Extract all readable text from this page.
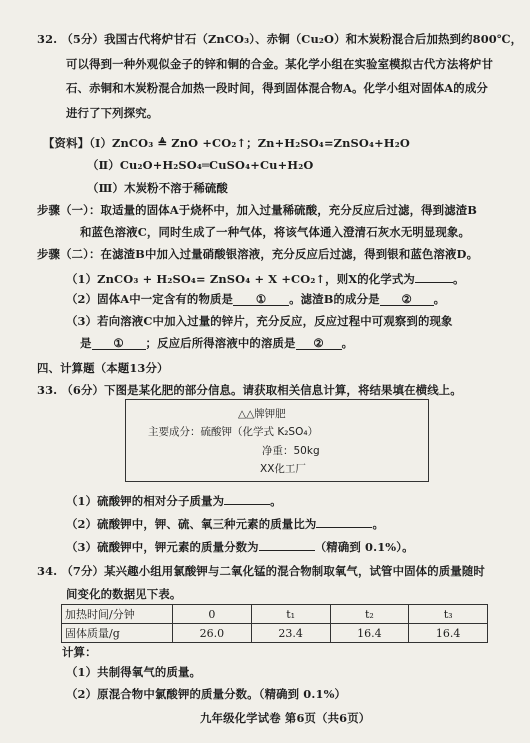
32. （5分）我国古代将炉甘石（ZnCO₃）、赤铜（Cu₂O）和木炭粉混合后加热到约800℃，
可以得到一种外观似金子的锌和铜的合金。某化学小组在实验室模拟古代方法将炉甘
石、赤铜和木炭粉混合加热一段时间，得到固体混合物A。化学小组对固体A的成分
进行了下列探究。
【资料】（Ⅰ）ZnCO₃ ≜ ZnO +CO₂↑；Zn+H₂SO₄=ZnSO₄+H₂O
（Ⅱ）Cu₂O+H₂SO₄═CuSO₄+Cu+H₂O
（Ⅲ）木炭粉不溶于稀硫酸
步骤（一）：取适量的固体A于烧杯中，加入过量稀硫酸，充分反应后过滤，得到滤渣B
和蓝色溶液C，同时生成了一种气体，将该气体通入澄清石灰水无明显现象。
步骤（二）：在滤渣B中加入过量硝酸银溶液，充分反应后过滤，得到银和蓝色溶液D。
（1）ZnCO₃ + H₂SO₄= ZnSO₄ + X +CO₂↑，则X的化学式为	。
（2）固体A中一定含有的物质是 ① 。滤渣B的成分是 ② 。
（3）若向溶液C中加入过量的锌片，充分反应，反应过程中可观察到的现象
是 ① ；反应后所得溶液中的溶质是 ② 。
四、计算题（本题13分）
33. （6分）下图是某化肥的部分信息。请获取相关信息计算，将结果填在横线上。
△△牌钾肥
主要成分：硫酸钾（化学式 K₂SO₄）
净重：50kg
XX化工厂
（1）硫酸钾的相对分子质量为	。
（2）硫酸钾中，钾、硫、氧三种元素的质量比为	。
（3）硫酸钾中，钾元素的质量分数为	（精确到 0.1%）。
34. （7分）某兴趣小组用氯酸钾与二氧化锰的混合物制取氧气，试管中固体的质量随时
间变化的数据见下表。
加热时间/分钟	0	t₁	t₂	t₃
固体质量/g	26.0	23.4	16.4	16.4
计算：
（1）共制得氧气的质量。
（2）原混合物中氯酸钾的质量分数。（精确到 0.1%）
九年级化学试卷 第6页（共6页）
